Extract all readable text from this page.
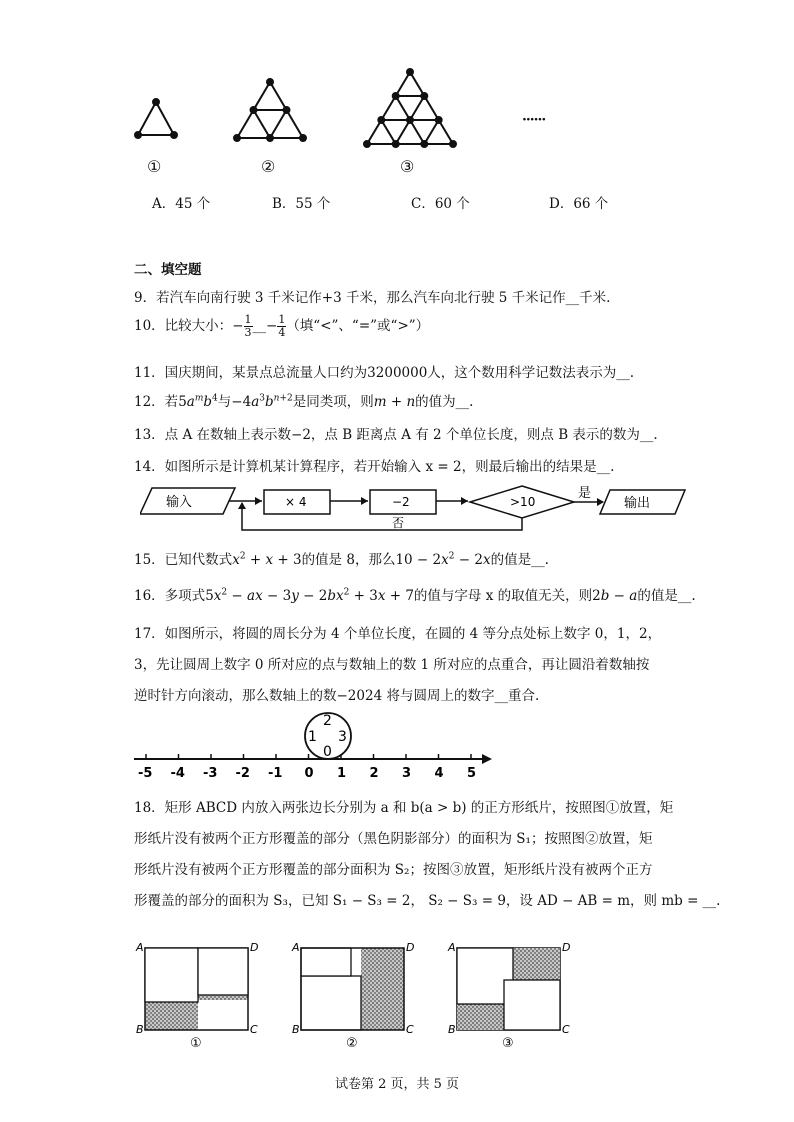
①	②	③
······
A．45 个	B．55 个	C．60 个	D．66 个
二、填空题
9．若汽车向南行驶 3 千米记作+3 千米，那么汽车向北行驶 5 千米记作__千米.
10．比较大小：− $\frac{1}{3}$ __− $\frac{1}{4}$ （填“<”、“=”或“>”）
11．国庆期间，某景点总流量人口约为3200000人，这个数用科学记数法表示为__.
12．若$5a^mb^4$与$-4a^3b^{n+2}$是同类项，则m + n的值为__.
13．点 A 在数轴上表示数−2，点 B 距离点 A 有 2 个单位长度，则点 B 表示的数为__.
14．如图所示是计算机某计算程序，若开始输入 x = 2，则最后输出的结果是__.
输入	× 4	−2	>10
是
输出
否
15．已知代数式$x^2 + x + 3$的值是 8，那么$10 - 2x^2 - 2x$的值是__.
16．多项式$5x^2$ − ax − $3y - 2bx^2 + 3x + 7$的值与字母 x 的取值无关，则2b − a的值是__.
17．如图所示，将圆的周长分为 4 个单位长度，在圆的 4 等分点处标上数字 0，1，2，
3，先让圆周上数字 0 所对应的点与数轴上的数 1 所对应的点重合，再让圆沿着数轴按
逆时针方向滚动，那么数轴上的数−2024 将与圆周上的数字__重合.
2
1 3
0
-5 -4 -3 -2 -1 0 1 2 3 4 5
18．矩形 ABCD 内放入两张边长分别为 a 和 b(a > b) 的正方形纸片，按照图①放置，矩
形纸片没有被两个正方形覆盖的部分（黑色阴影部分）的面积为 S₁；按照图②放置，矩
形纸片没有被两个正方形覆盖的部分面积为 S₂；按图③放置，矩形纸片没有被两个正方
形覆盖的部分的面积为 S₃，已知 S₁ − S₃ = 2， S₂ − S₃ = 9，设 AD − AB = m，则 mb = __.
A	D
B	C
A	D
B	C
A	D
B	C
①	②	③
试卷第 2 页，共 5 页
